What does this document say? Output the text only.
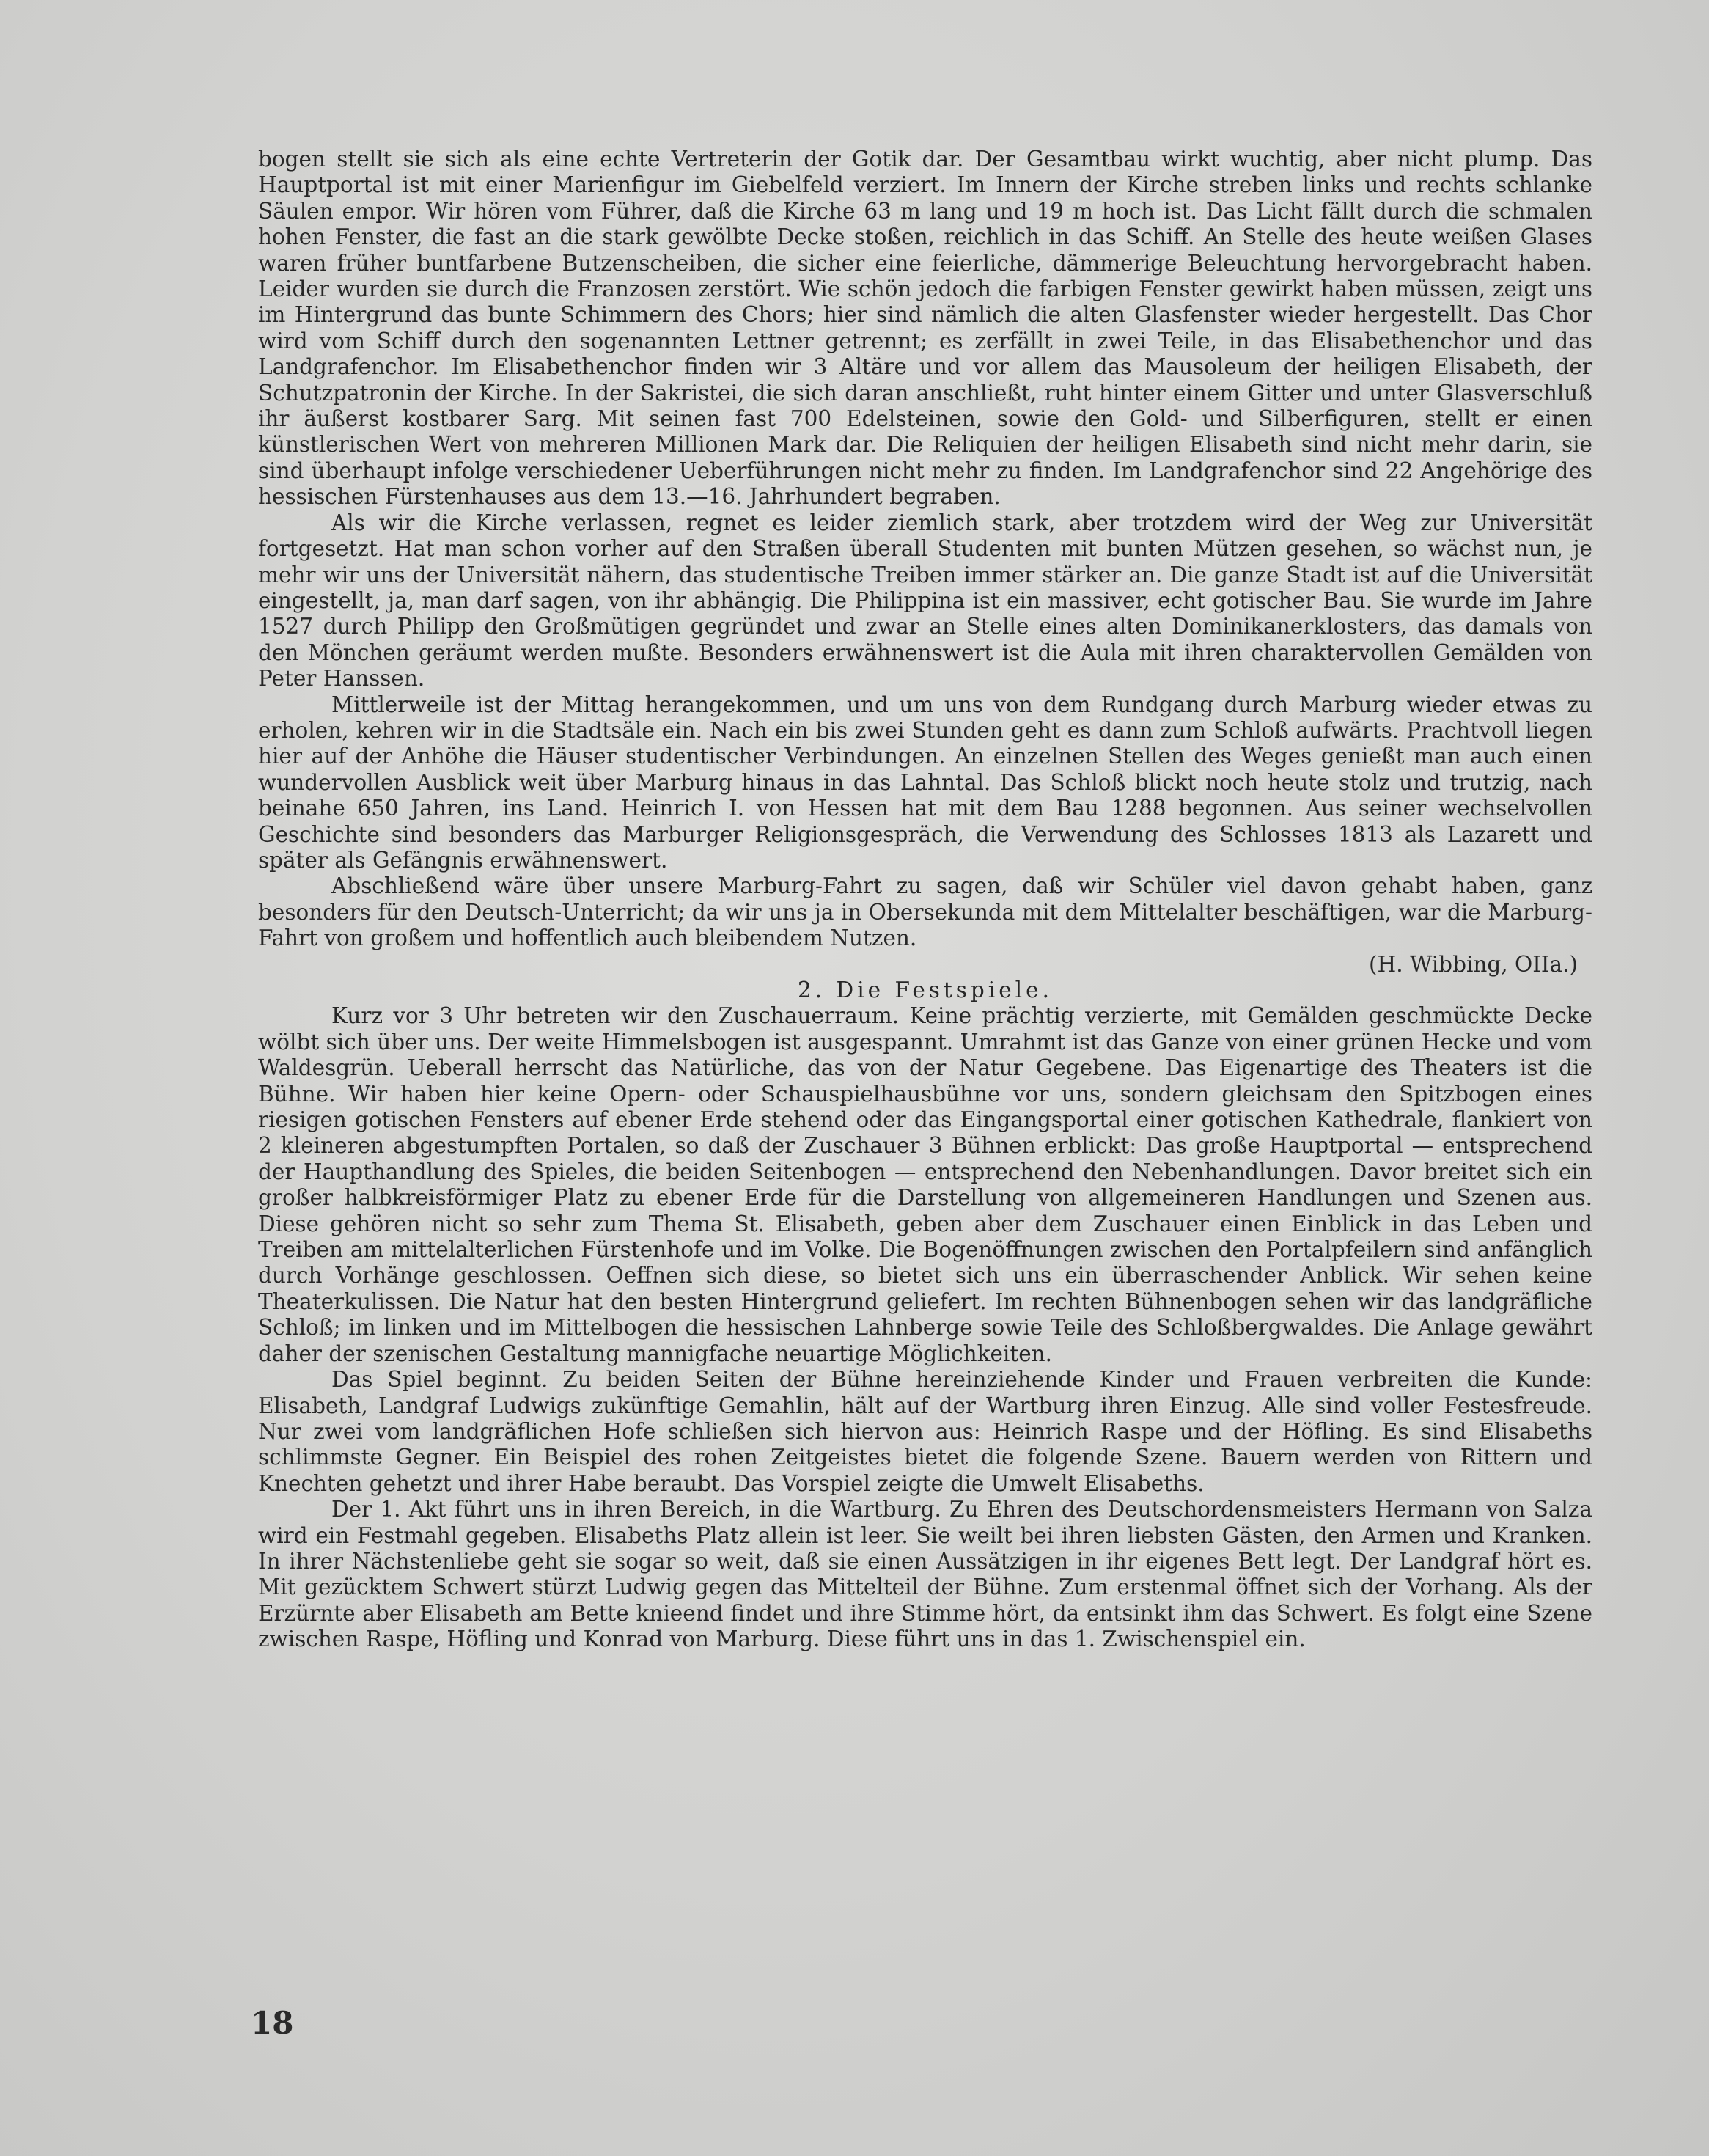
bogen stellt sie sich als eine echte Vertreterin der Gotik dar. Der Gesamtbau wirkt wuchtig, aber nicht plump. Das Hauptportal ist mit einer Marienfigur im Giebelfeld verziert. Im Innern der Kirche streben links und rechts schlanke Säulen empor. Wir hören vom Führer, daß die Kirche 63 m lang und 19 m hoch ist. Das Licht fällt durch die schmalen hohen Fenster, die fast an die stark gewölbte Decke stoßen, reichlich in das Schiff. An Stelle des heute weißen Glases waren früher buntfarbene Butzenscheiben, die sicher eine feierliche, dämmerige Beleuchtung hervorgebracht haben. Leider wurden sie durch die Franzosen zerstört. Wie schön jedoch die farbigen Fenster gewirkt haben müssen, zeigt uns im Hintergrund das bunte Schimmern des Chors; hier sind nämlich die alten Glasfenster wieder hergestellt. Das Chor wird vom Schiff durch den sogenannten Lettner getrennt; es zerfällt in zwei Teile, in das Elisabethenchor und das Landgrafenchor. Im Elisabethenchor finden wir 3 Altäre und vor allem das Mausoleum der heiligen Elisabeth, der Schutzpatronin der Kirche. In der Sakristei, die sich daran anschließt, ruht hinter einem Gitter und unter Glasverschluß ihr äußerst kostbarer Sarg. Mit seinen fast 700 Edelsteinen, sowie den Gold- und Silberfiguren, stellt er einen künstlerischen Wert von mehreren Millionen Mark dar. Die Reliquien der heiligen Elisabeth sind nicht mehr darin, sie sind überhaupt infolge verschiedener Ueberführungen nicht mehr zu finden. Im Landgrafenchor sind 22 Angehörige des hessischen Fürstenhauses aus dem 13.—16. Jahrhundert begraben.

Als wir die Kirche verlassen, regnet es leider ziemlich stark, aber trotzdem wird der Weg zur Universität fortgesetzt. Hat man schon vorher auf den Straßen überall Studenten mit bunten Mützen gesehen, so wächst nun, je mehr wir uns der Universität nähern, das studentische Treiben immer stärker an. Die ganze Stadt ist auf die Universität eingestellt, ja, man darf sagen, von ihr abhängig. Die Philippina ist ein massiver, echt gotischer Bau. Sie wurde im Jahre 1527 durch Philipp den Großmütigen gegründet und zwar an Stelle eines alten Dominikanerklosters, das damals von den Mönchen geräumt werden mußte. Besonders erwähnenswert ist die Aula mit ihren charaktervollen Gemälden von Peter Hanssen.

Mittlerweile ist der Mittag herangekommen, und um uns von dem Rundgang durch Marburg wieder etwas zu erholen, kehren wir in die Stadtsäle ein. Nach ein bis zwei Stunden geht es dann zum Schloß aufwärts. Prachtvoll liegen hier auf der Anhöhe die Häuser studentischer Verbindungen. An einzelnen Stellen des Weges genießt man auch einen wundervollen Ausblick weit über Marburg hinaus in das Lahntal. Das Schloß blickt noch heute stolz und trutzig, nach beinahe 650 Jahren, ins Land. Heinrich I. von Hessen hat mit dem Bau 1288 begonnen. Aus seiner wechselvollen Geschichte sind besonders das Marburger Religionsgespräch, die Verwendung des Schlosses 1813 als Lazarett und später als Gefängnis erwähnenswert.

Abschließend wäre über unsere Marburg-Fahrt zu sagen, daß wir Schüler viel davon gehabt haben, ganz besonders für den Deutsch-Unterricht; da wir uns ja in Obersekunda mit dem Mittelalter beschäftigen, war die Marburg-Fahrt von großem und hoffentlich auch bleibendem Nutzen.

(H. Wibbing, OIIa.)

2. Die Festspiele.

Kurz vor 3 Uhr betreten wir den Zuschauerraum. Keine prächtig verzierte, mit Gemälden geschmückte Decke wölbt sich über uns. Der weite Himmelsbogen ist ausgespannt. Umrahmt ist das Ganze von einer grünen Hecke und vom Waldesgrün. Ueberall herrscht das Natürliche, das von der Natur Gegebene. Das Eigenartige des Theaters ist die Bühne. Wir haben hier keine Opern- oder Schauspielhausbühne vor uns, sondern gleichsam den Spitzbogen eines riesigen gotischen Fensters auf ebener Erde stehend oder das Eingangsportal einer gotischen Kathedrale, flankiert von 2 kleineren abgestumpften Portalen, so daß der Zuschauer 3 Bühnen erblickt: Das große Hauptportal — entsprechend der Haupthandlung des Spieles, die beiden Seitenbogen — entsprechend den Nebenhandlungen. Davor breitet sich ein großer halbkreisförmiger Platz zu ebener Erde für die Darstellung von allgemeineren Handlungen und Szenen aus. Diese gehören nicht so sehr zum Thema St. Elisabeth, geben aber dem Zuschauer einen Einblick in das Leben und Treiben am mittelalterlichen Fürstenhofe und im Volke. Die Bogenöffnungen zwischen den Portalpfeilern sind anfänglich durch Vorhänge geschlossen. Oeffnen sich diese, so bietet sich uns ein überraschender Anblick. Wir sehen keine Theaterkulissen. Die Natur hat den besten Hintergrund geliefert. Im rechten Bühnenbogen sehen wir das landgräfliche Schloß; im linken und im Mittelbogen die hessischen Lahnberge sowie Teile des Schloßbergwaldes. Die Anlage gewährt daher der szenischen Gestaltung mannigfache neuartige Möglichkeiten.

Das Spiel beginnt. Zu beiden Seiten der Bühne hereinziehende Kinder und Frauen verbreiten die Kunde: Elisabeth, Landgraf Ludwigs zukünftige Gemahlin, hält auf der Wartburg ihren Einzug. Alle sind voller Festesfreude. Nur zwei vom landgräflichen Hofe schließen sich hiervon aus: Heinrich Raspe und der Höfling. Es sind Elisabeths schlimmste Gegner. Ein Beispiel des rohen Zeitgeistes bietet die folgende Szene. Bauern werden von Rittern und Knechten gehetzt und ihrer Habe beraubt. Das Vorspiel zeigte die Umwelt Elisabeths.

Der 1. Akt führt uns in ihren Bereich, in die Wartburg. Zu Ehren des Deutschordensmeisters Hermann von Salza wird ein Festmahl gegeben. Elisabeths Platz allein ist leer. Sie weilt bei ihren liebsten Gästen, den Armen und Kranken. In ihrer Nächstenliebe geht sie sogar so weit, daß sie einen Aussätzigen in ihr eigenes Bett legt. Der Landgraf hört es. Mit gezücktem Schwert stürzt Ludwig gegen das Mittelteil der Bühne. Zum erstenmal öffnet sich der Vorhang. Als der Erzürnte aber Elisabeth am Bette knieend findet und ihre Stimme hört, da entsinkt ihm das Schwert. Es folgt eine Szene zwischen Raspe, Höfling und Konrad von Marburg. Diese führt uns in das 1. Zwischenspiel ein.

18
